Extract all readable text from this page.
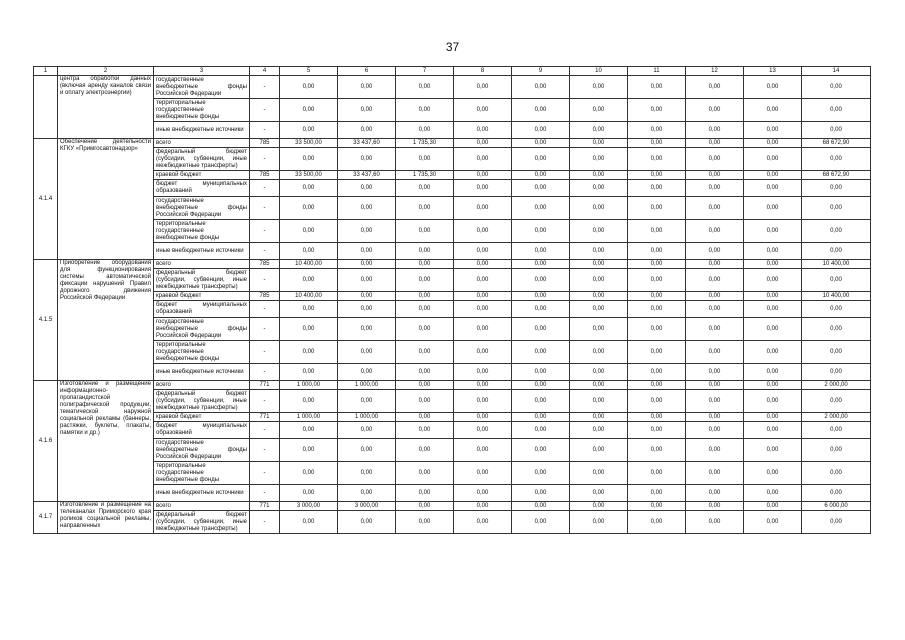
37
1	2	3	4	5	6	7	8	9	10	11	12	13	14
	центра обработки данных (включая аренду каналов связи и оплату электроэнергии)	государственные внебюджетные фонды Российской Федерации	-	0,00	0,00	0,00	0,00	0,00	0,00	0,00	0,00	0,00	0,00
		территориальные государственные внебюджетные фонды	-	0,00	0,00	0,00	0,00	0,00	0,00	0,00	0,00	0,00	0,00
		иные внебюджетные источники	-	0,00	0,00	0,00	0,00	0,00	0,00	0,00	0,00	0,00	0,00
4.1.4	Обеспечение деятельности КГКУ «Примгосавтонадзор»	всего	785	33 500,00	33 437,60	1 735,30	0,00	0,00	0,00	0,00	0,00	0,00	68 672,90
		федеральный бюджет (субсидии, субвенции, иные межбюджетные трансферты)	-	0,00	0,00	0,00	0,00	0,00	0,00	0,00	0,00	0,00	0,00
		краевой бюджет	785	33 500,00	33 437,60	1 735,30	0,00	0,00	0,00	0,00	0,00	0,00	68 672,90
		бюджет муниципальных образований	-	0,00	0,00	0,00	0,00	0,00	0,00	0,00	0,00	0,00	0,00
		государственные внебюджетные фонды Российской Федерации	-	0,00	0,00	0,00	0,00	0,00	0,00	0,00	0,00	0,00	0,00
		территориальные государственные внебюджетные фонды	-	0,00	0,00	0,00	0,00	0,00	0,00	0,00	0,00	0,00	0,00
		иные внебюджетные источники	-	0,00	0,00	0,00	0,00	0,00	0,00	0,00	0,00	0,00	0,00
4.1.5	Приобретение оборудования для функционирования системы автоматической фиксации нарушений Правил дорожного движения Российской Федерации	всего	785	10 400,00	0,00	0,00	0,00	0,00	0,00	0,00	0,00	0,00	10 400,00
		федеральный бюджет (субсидии, субвенции, иные межбюджетные трансферты)	-	0,00	0,00	0,00	0,00	0,00	0,00	0,00	0,00	0,00	0,00
		краевой бюджет	785	10 400,00	0,00	0,00	0,00	0,00	0,00	0,00	0,00	0,00	10 400,00
		бюджет муниципальных образований	-	0,00	0,00	0,00	0,00	0,00	0,00	0,00	0,00	0,00	0,00
		государственные внебюджетные фонды Российской Федерации	-	0,00	0,00	0,00	0,00	0,00	0,00	0,00	0,00	0,00	0,00
		территориальные государственные внебюджетные фонды	-	0,00	0,00	0,00	0,00	0,00	0,00	0,00	0,00	0,00	0,00
		иные внебюджетные источники	-	0,00	0,00	0,00	0,00	0,00	0,00	0,00	0,00	0,00	0,00
4.1.6	Изготовление и размещение информационно-пропагандистской полиграфической продукции, тематической наружной социальной рекламы (баннеры, растяжки, буклеты, плакаты, памятки и др.)	всего	771	1 000,00	1 000,00	0,00	0,00	0,00	0,00	0,00	0,00	0,00	2 000,00
		федеральный бюджет (субсидии, субвенции, иные межбюджетные трансферты)	-	0,00	0,00	0,00	0,00	0,00	0,00	0,00	0,00	0,00	0,00
		краевой бюджет	771	1 000,00	1 000,00	0,00	0,00	0,00	0,00	0,00	0,00	0,00	2 000,00
		бюджет муниципальных образований	-	0,00	0,00	0,00	0,00	0,00	0,00	0,00	0,00	0,00	0,00
		государственные внебюджетные фонды Российской Федерации	-	0,00	0,00	0,00	0,00	0,00	0,00	0,00	0,00	0,00	0,00
		территориальные государственные внебюджетные фонды	-	0,00	0,00	0,00	0,00	0,00	0,00	0,00	0,00	0,00	0,00
		иные внебюджетные источники	-	0,00	0,00	0,00	0,00	0,00	0,00	0,00	0,00	0,00	0,00
4.1.7	Изготовление и размещение на телеканалах Приморского края роликов социальной рекламы, направленных	всего	771	3 000,00	3 000,00	0,00	0,00	0,00	0,00	0,00	0,00	0,00	6 000,00
		федеральный бюджет (субсидии, субвенции, иные межбюджетные трансферты)	-	0,00	0,00	0,00	0,00	0,00	0,00	0,00	0,00	0,00	0,00
